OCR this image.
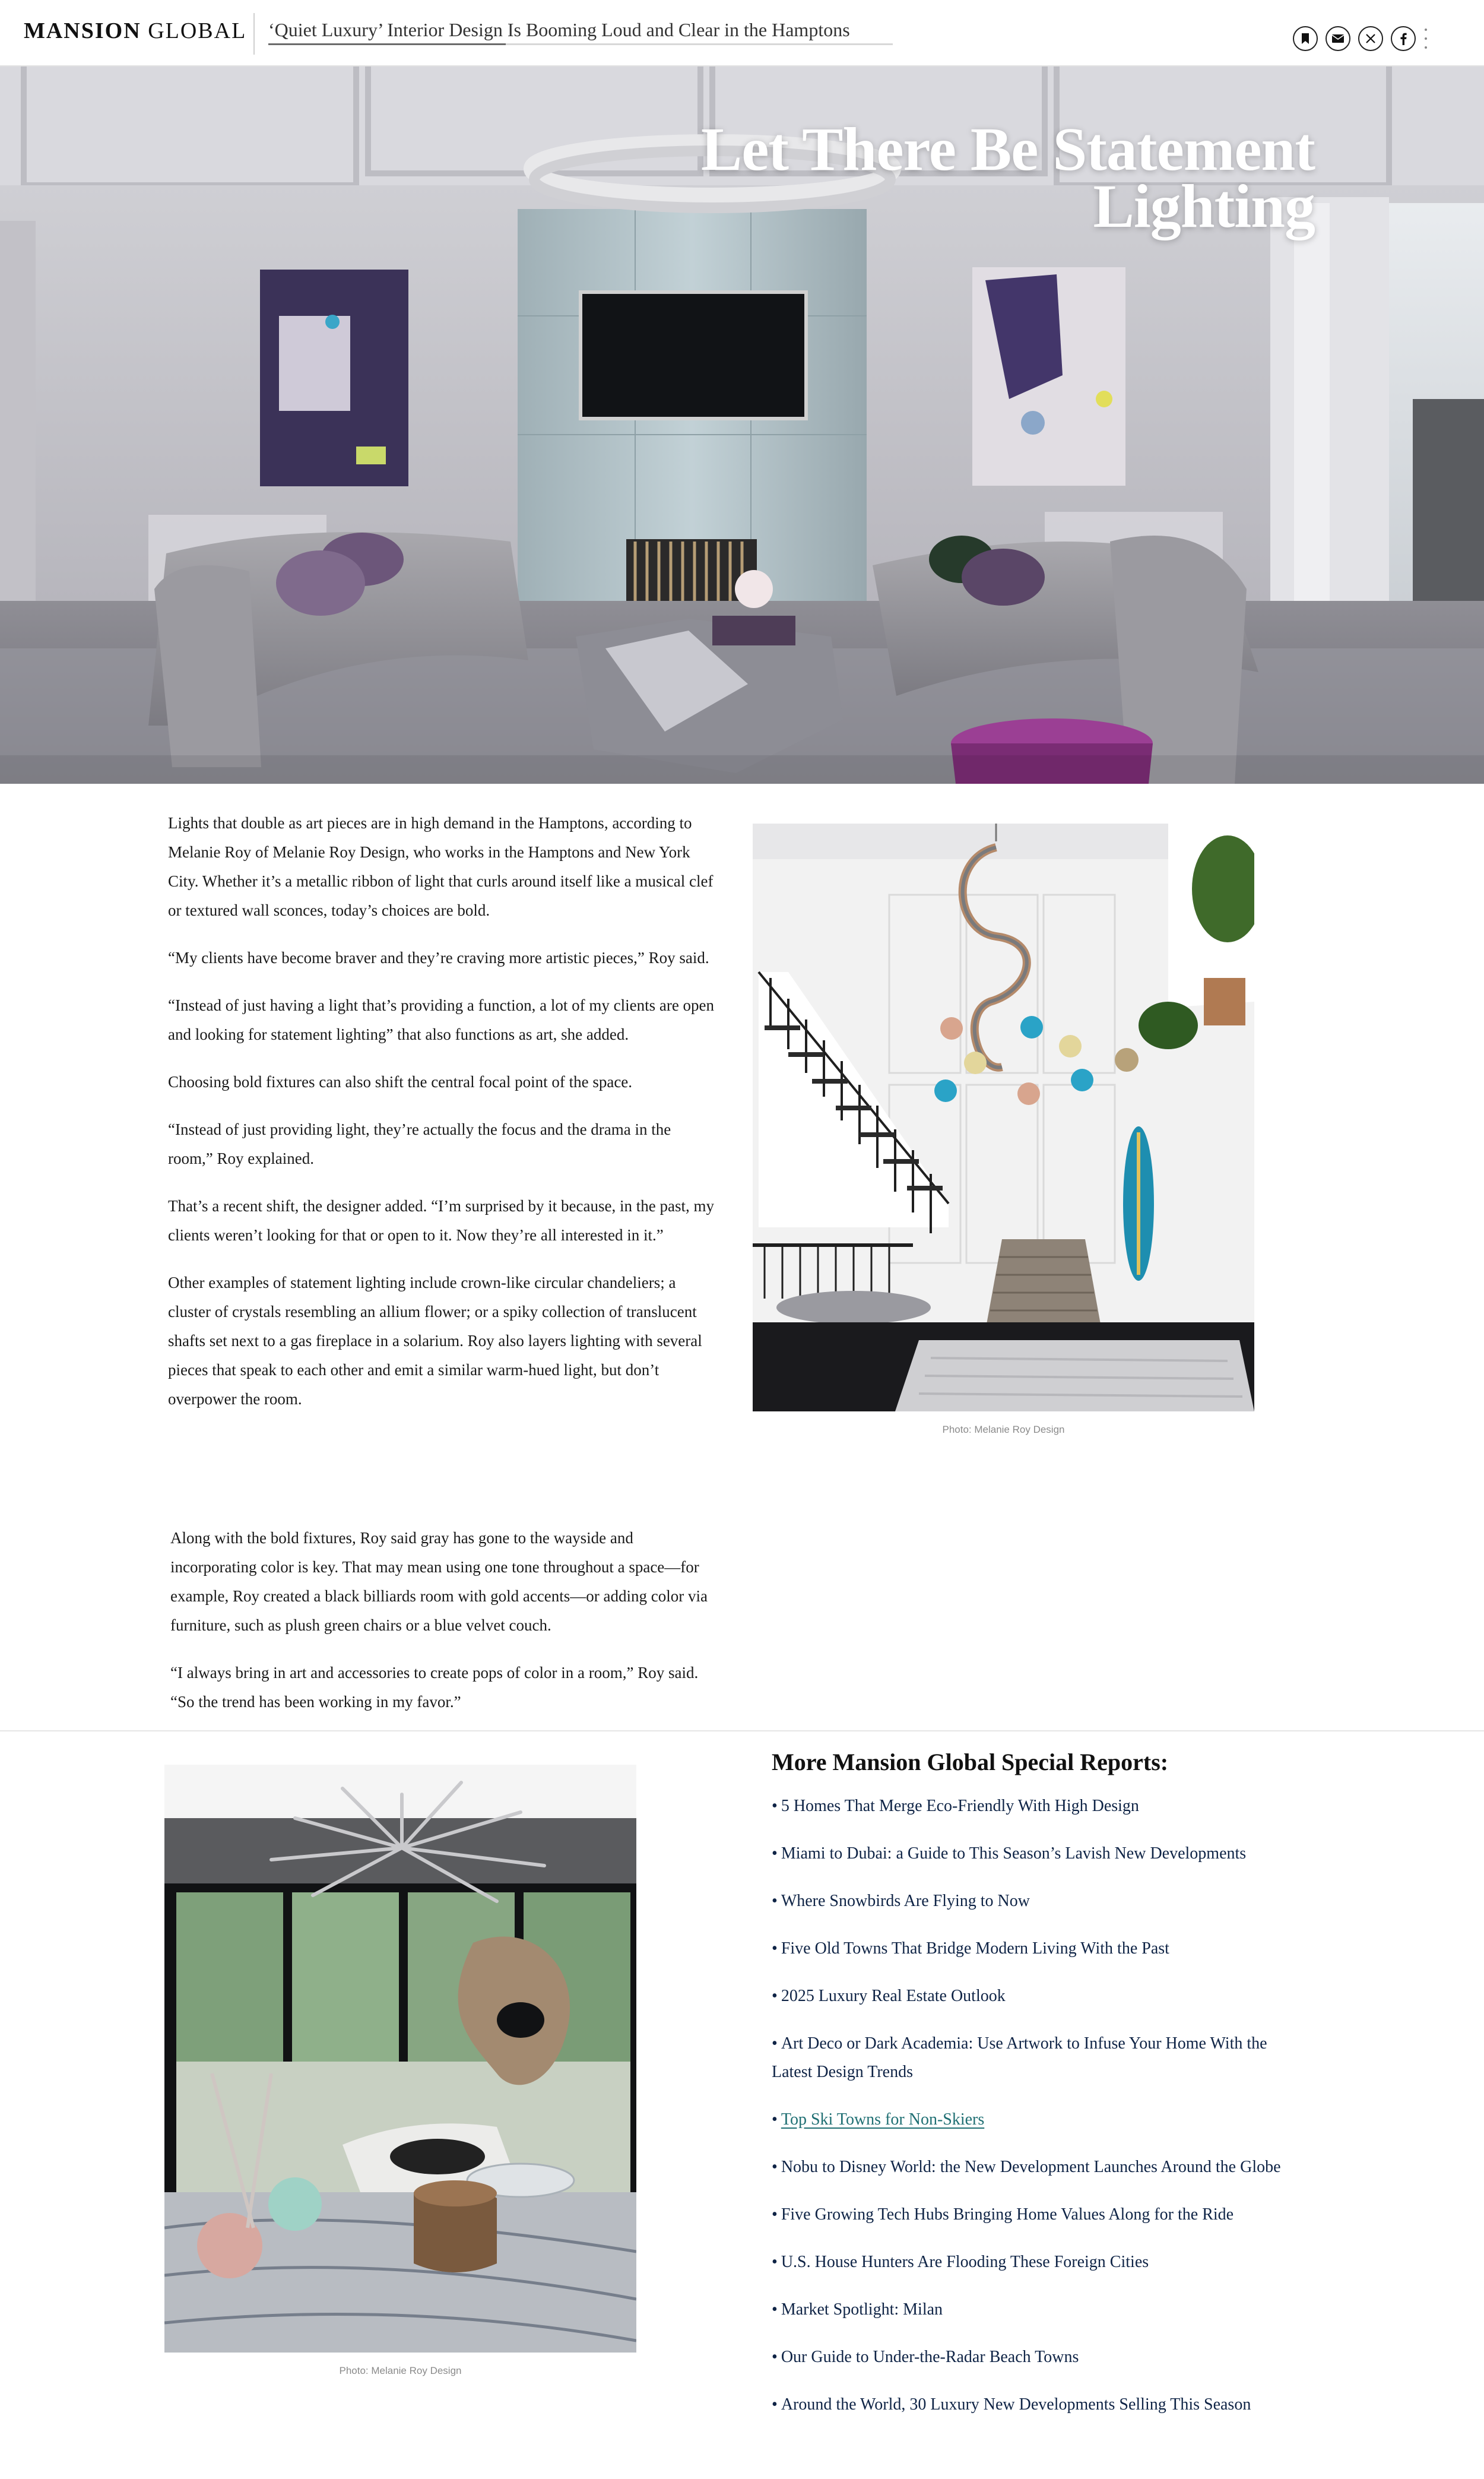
MANSION GLOBAL ‘Quiet Luxury’ Interior Design Is Booming Loud and Clear in the Hamptons
Let There Be Statement Lighting

Lights that double as art pieces are in high demand in the Hamptons, according to Melanie Roy of Melanie Roy Design, who works in the Hamptons and New York City. Whether it’s a metallic ribbon of light that curls around itself like a musical clef or textured wall sconces, today’s choices are bold.

“My clients have become braver and they’re craving more artistic pieces,” Roy said.

“Instead of just having a light that’s providing a function, a lot of my clients are open and looking for statement lighting” that also functions as art, she added.

Choosing bold fixtures can also shift the central focal point of the space.

“Instead of just providing light, they’re actually the focus and the drama in the room,” Roy explained.

That’s a recent shift, the designer added. “I’m surprised by it because, in the past, my clients weren’t looking for that or open to it. Now they’re all interested in it.”

Other examples of statement lighting include crown-like circular chandeliers; a cluster of crystals resembling an allium flower; or a spiky collection of translucent shafts set next to a gas fireplace in a solarium. Roy also layers lighting with several pieces that speak to each other and emit a similar warm-hued light, but don’t overpower the room.

Along with the bold fixtures, Roy said gray has gone to the wayside and incorporating color is key. That may mean using one tone throughout a space—for example, Roy created a black billiards room with gold accents—or adding color via furniture, such as plush green chairs or a blue velvet couch.

“I always bring in art and accessories to create pops of color in a room,” Roy said. “So the trend has been working in my favor.”

Photo: Melanie Roy Design
Photo: Melanie Roy Design
More Mansion Global Special Reports:
• 5 Homes That Merge Eco-Friendly With High Design
• Miami to Dubai: a Guide to This Season’s Lavish New Developments
• Where Snowbirds Are Flying to Now
• Five Old Towns That Bridge Modern Living With the Past
• 2025 Luxury Real Estate Outlook
• Art Deco or Dark Academia: Use Artwork to Infuse Your Home With the Latest Design Trends
• Top Ski Towns for Non-Skiers
• Nobu to Disney World: the New Development Launches Around the Globe
• Five Growing Tech Hubs Bringing Home Values Along for the Ride
• U.S. House Hunters Are Flooding These Foreign Cities
• Market Spotlight: Milan
• Our Guide to Under-the-Radar Beach Towns
• Around the World, 30 Luxury New Developments Selling This Season
